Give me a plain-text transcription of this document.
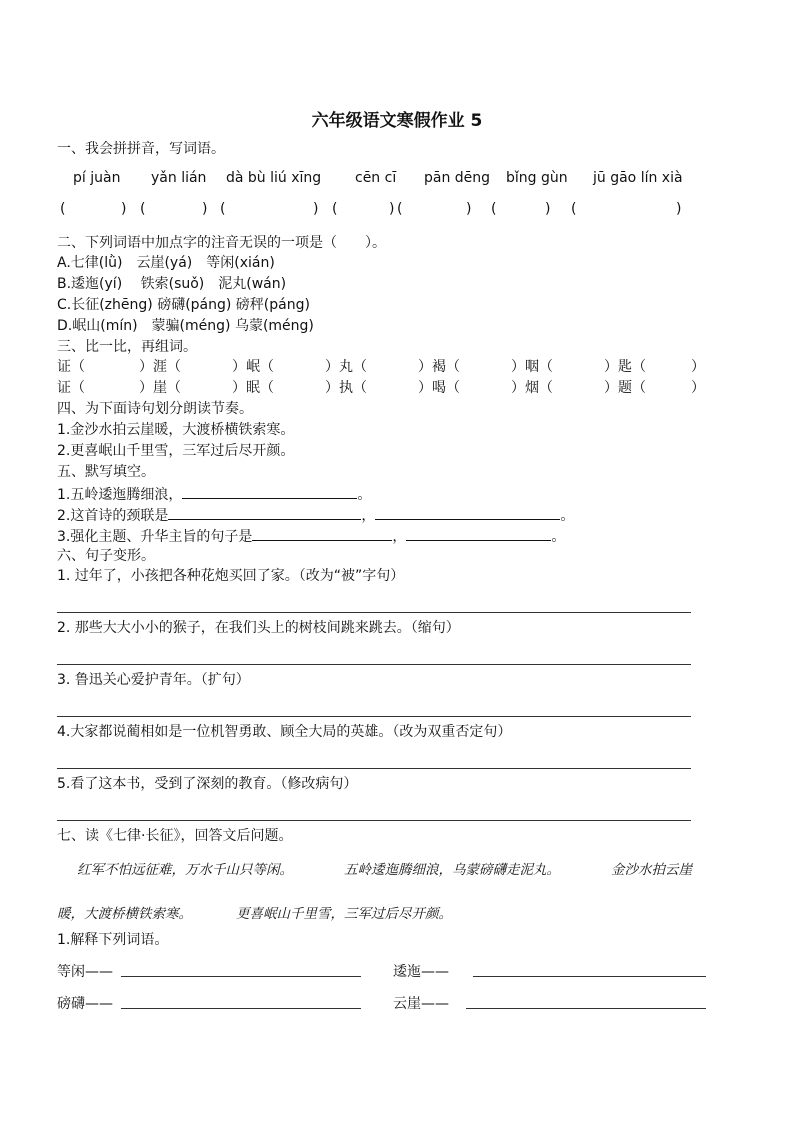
六年级语文寒假作业 5
一、我会拼拼音，写词语。
pí juàn yǎn lián dà bù liú xīng cēn cī pān dēng bǐng gùn jū gāo lín xià
(	) (	) (	) (	) (	) (	) (	)
二、下列词语中加点字的注音无误的一项是（　　）。
A.七律(lǜ)　云崖(yá)　等闲(xián)
B.逶迤(yí)　 铁索(suǒ)　泥丸(wán)
C.长征(zhēng) 磅礴(páng) 磅秤(páng)
D.岷山(mín)　蒙骗(méng) 乌蒙(méng)
三、比一比，再组词。
证（	）涯（	）岷（	）丸（	）褐（	）咽（	）匙（	）
证（	）崖（	）眠（	）执（	）喝（	）烟（	）题（	）
四、为下面诗句划分朗读节奏。
1.金沙水拍云崖暖，大渡桥横铁索寒。
2.更喜岷山千里雪，三军过后尽开颜。
五、默写填空。
1.五岭逶迤腾细浪，	。
2.这首诗的颈联是	，	。
3.强化主题、升华主旨的句子是	，	。
六、句子变形。
1. 过年了，小孩把各种花炮买回了家。（改为“被”字句）
2. 那些大大小小的猴子，在我们头上的树枝间跳来跳去。（缩句）
3. 鲁迅关心爱护青年。（扩句）
4.大家都说蔺相如是一位机智勇敢、顾全大局的英雄。（改为双重否定句）
5.看了这本书，受到了深刻的教育。（修改病句）
七、读《七律·长征》，回答文后问题。
红军不怕远征难，万水千山只等闲。	五岭逶迤腾细浪，乌蒙磅礴走泥丸。	金沙水拍云崖
暖，大渡桥横铁索寒。	更喜岷山千里雪，三军过后尽开颜。
1.解释下列词语。
等闲——	逶迤——
磅礴——	云崖——
